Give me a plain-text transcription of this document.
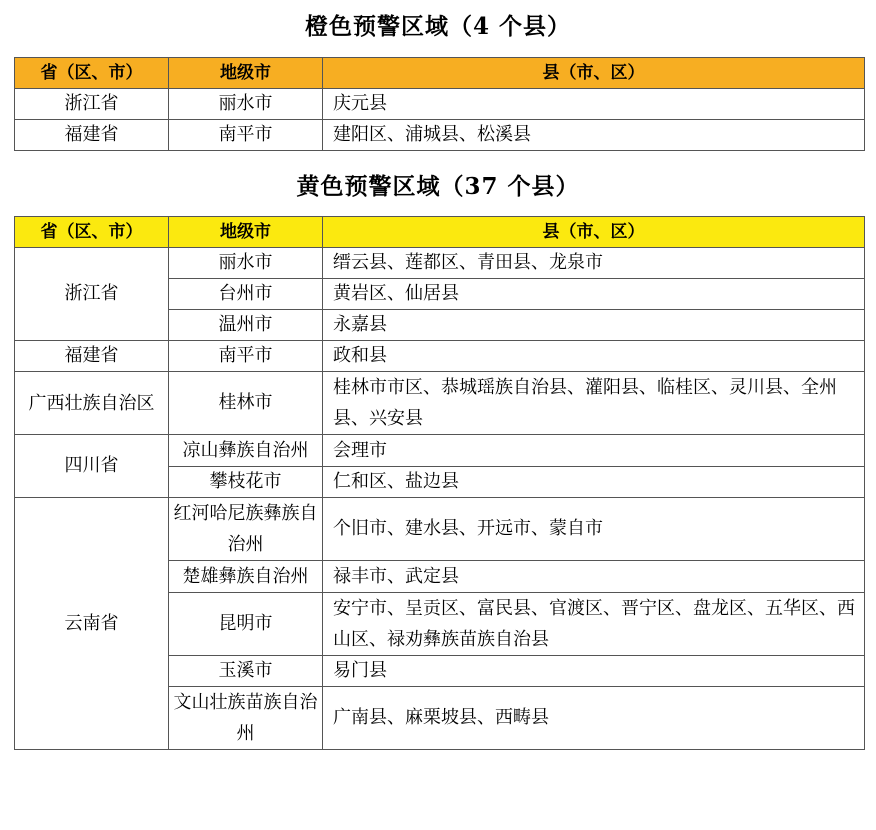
橙色预警区域（4 个县）
省（区、市）	地级市	县（市、区）
浙江省	丽水市	庆元县
福建省	南平市	建阳区、浦城县、松溪县
黄色预警区域（37 个县）
省（区、市）	地级市	县（市、区）
浙江省	丽水市	缙云县、莲都区、青田县、龙泉市
	台州市	黄岩区、仙居县
	温州市	永嘉县
福建省	南平市	政和县
广西壮族自治区	桂林市	桂林市市区、恭城瑶族自治县、灌阳县、临桂区、灵川县、全州县、兴安县
四川省	凉山彝族自治州	会理市
	攀枝花市	仁和区、盐边县
云南省	红河哈尼族彝族自治州	个旧市、建水县、开远市、蒙自市
	楚雄彝族自治州	禄丰市、武定县
	昆明市	安宁市、呈贡区、富民县、官渡区、晋宁区、盘龙区、五华区、西山区、禄劝彝族苗族自治县
	玉溪市	易门县
	文山壮族苗族自治州	广南县、麻栗坡县、西畴县
